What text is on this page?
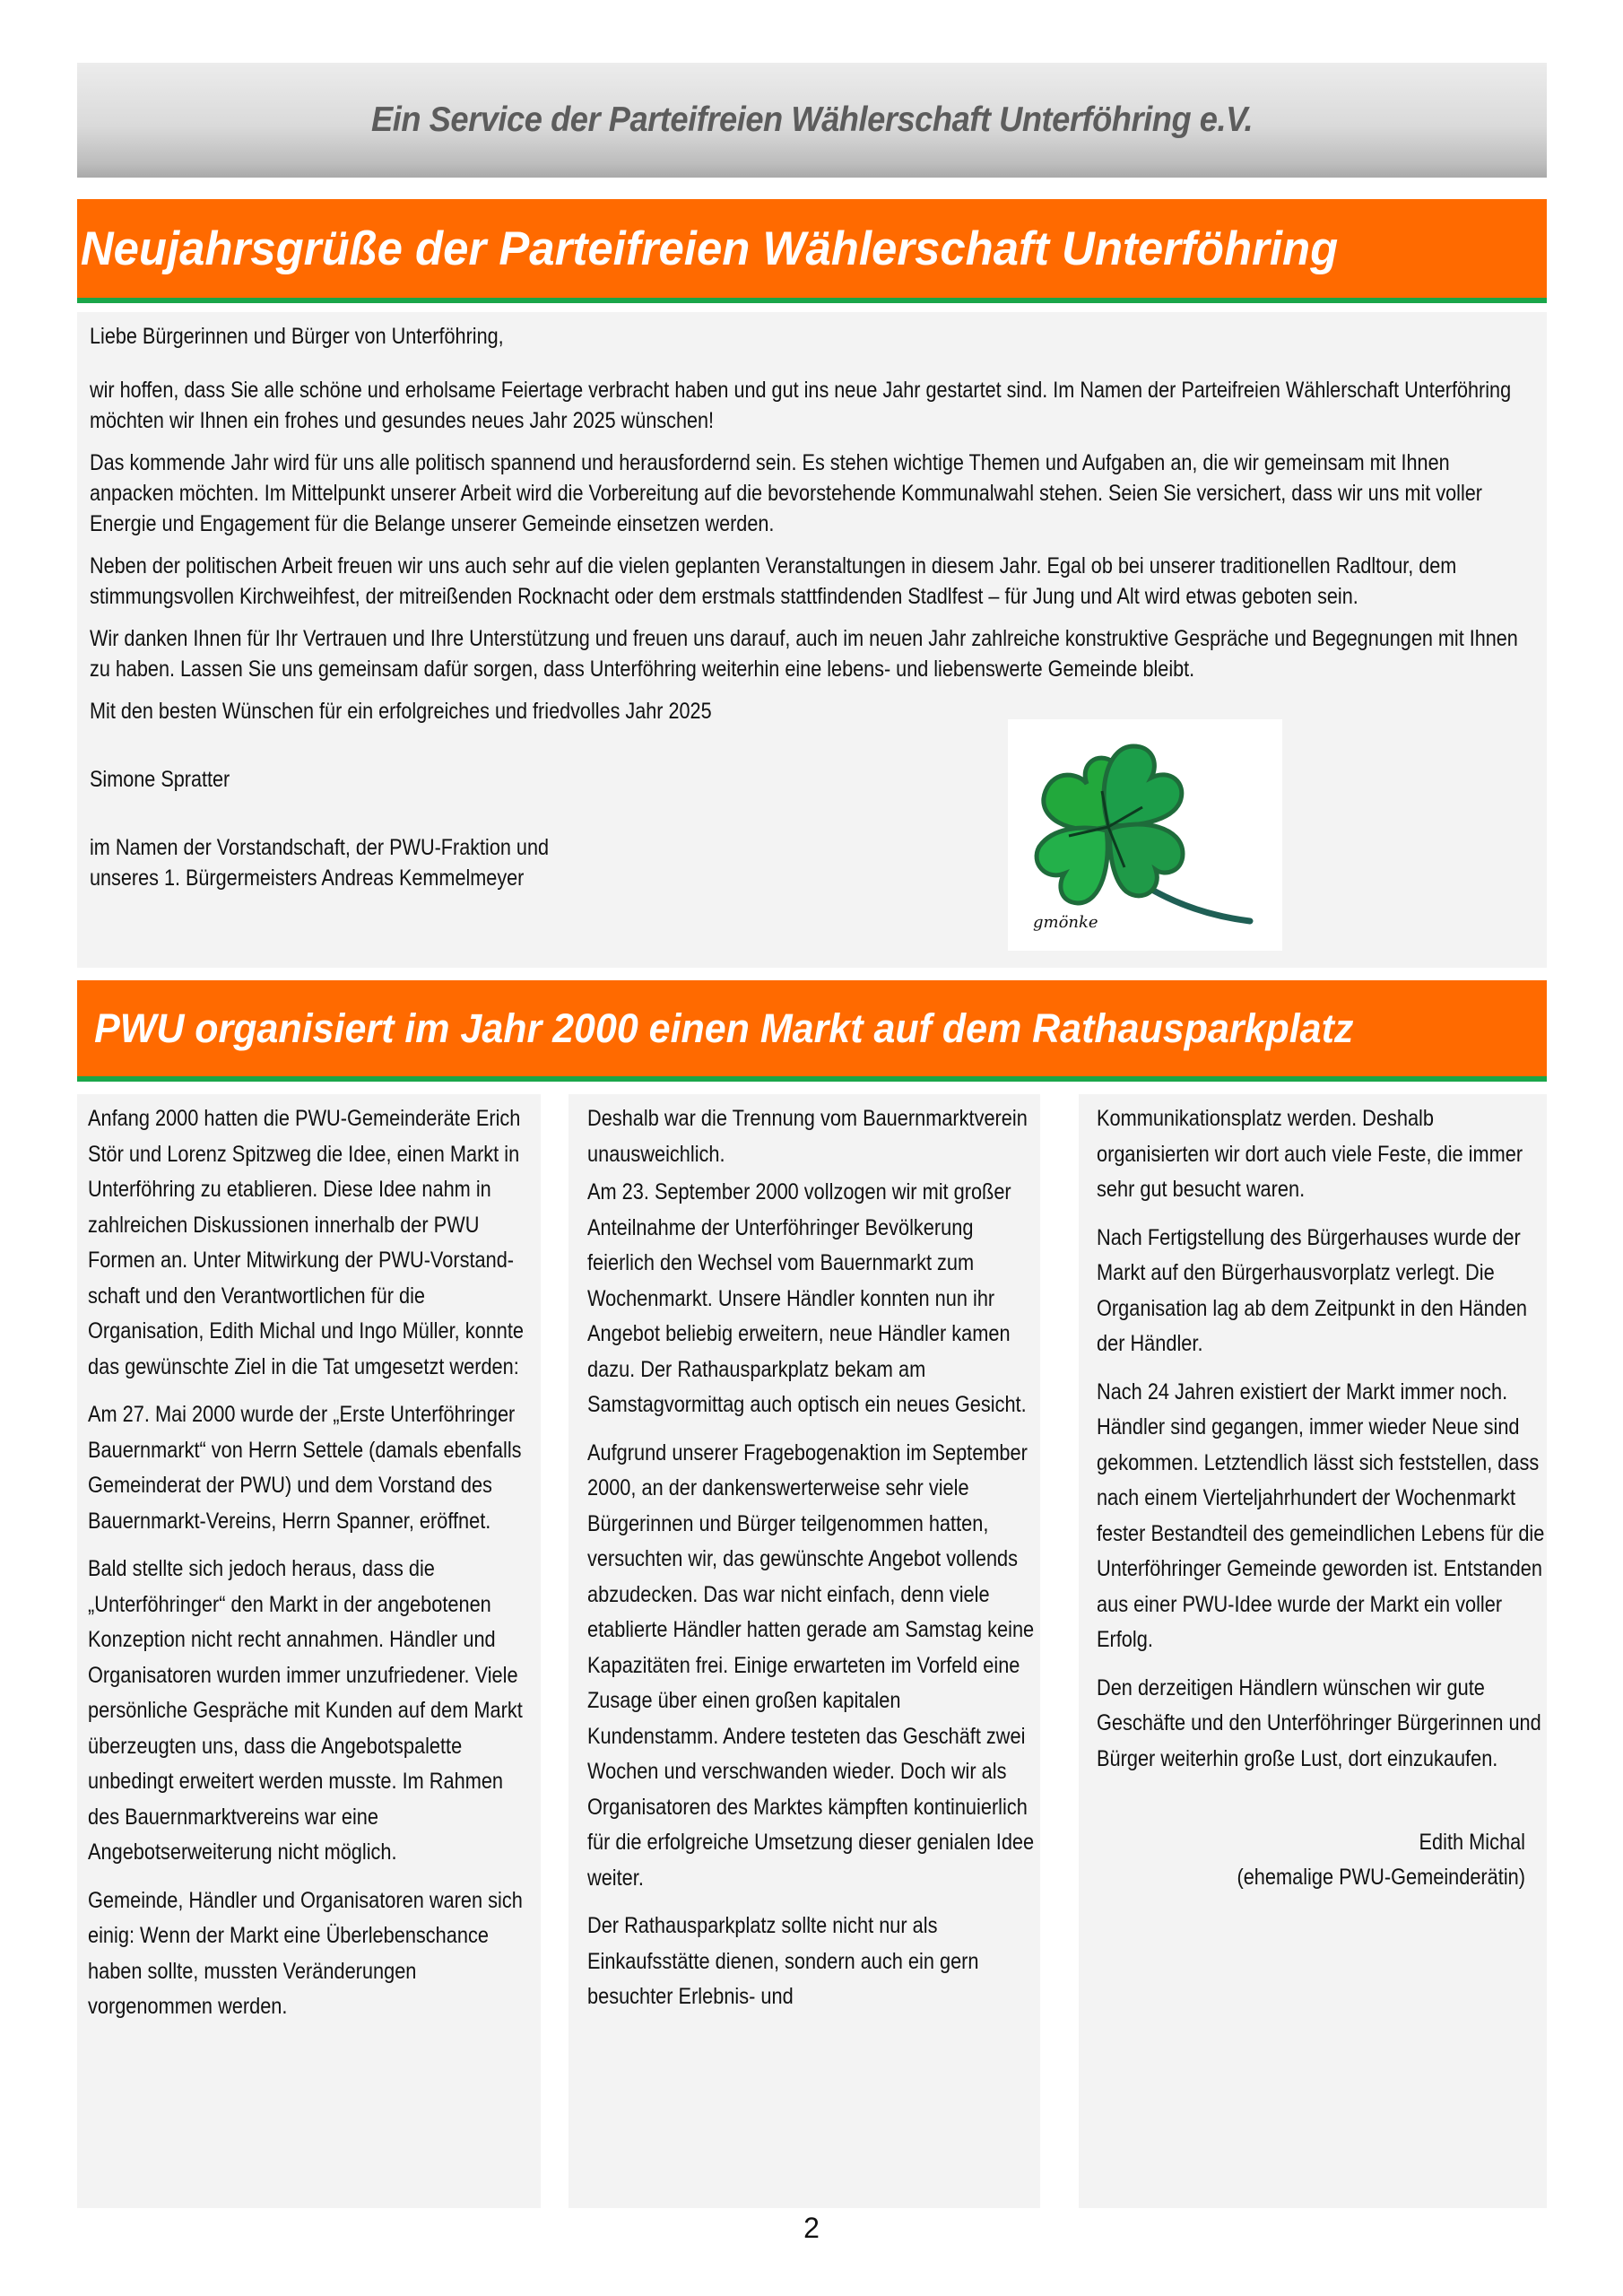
Ein Service der Parteifreien Wählerschaft Unterföhring e.V.
Neujahrsgrüße der Parteifreien Wählerschaft Unterföhring

Liebe Bürgerinnen und Bürger von Unterföhring,

wir hoffen, dass Sie alle schöne und erholsame Feiertage verbracht haben und gut ins neue Jahr gestartet sind. Im Namen der Parteifreien Wählerschaft Unterföhring möchten wir Ihnen ein frohes und gesundes neues Jahr 2025 wünschen!

Das kommende Jahr wird für uns alle politisch spannend und herausfordernd sein. Es stehen wichtige Themen und Aufgaben an, die wir gemeinsam mit Ihnen anpacken möchten. Im Mittelpunkt unserer Arbeit wird die Vorbereitung auf die bevorstehende Kommunalwahl stehen. Seien Sie versichert, dass wir uns mit voller Energie und Engagement für die Belange unserer Gemeinde einsetzen werden.

Neben der politischen Arbeit freuen wir uns auch sehr auf die vielen geplanten Veranstaltungen in diesem Jahr. Egal ob bei unserer traditionellen Radltour, dem stimmungsvollen Kirchweihfest, der mitreißenden Rocknacht oder dem erstmals stattfindenden Stadlfest – für Jung und Alt wird etwas geboten sein.

Wir danken Ihnen für Ihr Vertrauen und Ihre Unterstützung und freuen uns darauf, auch im neuen Jahr zahlreiche konstruktive Gespräche und Begegnungen mit Ihnen zu haben. Lassen Sie uns gemeinsam dafür sorgen, dass Unterföhring weiterhin eine lebens- und liebenswerte Gemeinde bleibt.

Mit den besten Wünschen für ein erfolgreiches und friedvolles Jahr 2025

Simone Spratter

im Namen der Vorstandschaft, der PWU-Fraktion und

unseres 1. Bürgermeisters Andreas Kemmelmeyer

gmönke
PWU organisiert im Jahr 2000 einen Markt auf dem Rathausparkplatz

Anfang 2000 hatten die PWU-Gemeinderäte Erich Stör und Lorenz Spitzweg die Idee, einen Markt in Unterföhring zu etablieren. Diese Idee nahm in zahlreichen Diskussionen innerhalb der PWU Formen an. Unter Mitwirkung der PWU-Vorstand-schaft und den Verantwortlichen für die Organisation, Edith Michal und Ingo Müller, konnte das gewünschte Ziel in die Tat umgesetzt werden:

Am 27. Mai 2000 wurde der „Erste Unterföhringer Bauernmarkt“ von Herrn Settele (damals ebenfalls Gemeinderat der PWU) und dem Vorstand des Bauernmarkt-Vereins, Herrn Spanner, eröffnet.

Bald stellte sich jedoch heraus, dass die „Unterföhringer“ den Markt in der angebotenen Konzeption nicht recht annahmen. Händler und Organisatoren wurden immer unzufriedener. Viele persönliche Gespräche mit Kunden auf dem Markt überzeugten uns, dass die Angebotspalette unbedingt erweitert werden musste. Im Rahmen des Bauernmarktvereins war eine Angebotserweiterung nicht möglich.

Gemeinde, Händler und Organisatoren waren sich einig: Wenn der Markt eine Überlebenschance haben sollte, mussten Veränderungen vorgenommen werden.

Deshalb war die Trennung vom Bauernmarktverein unausweichlich.

Am 23. September 2000 vollzogen wir mit großer Anteilnahme der Unterföhringer Bevölkerung feierlich den Wechsel vom Bauernmarkt zum Wochenmarkt. Unsere Händler konnten nun ihr Angebot beliebig erweitern, neue Händler kamen dazu. Der Rathausparkplatz bekam am Samstagvormittag auch optisch ein neues Gesicht.

Aufgrund unserer Fragebogenaktion im September 2000, an der dankenswerterweise sehr viele Bürgerinnen und Bürger teilgenommen hatten, versuchten wir, das gewünschte Angebot vollends abzudecken. Das war nicht einfach, denn viele etablierte Händler hatten gerade am Samstag keine Kapazitäten frei. Einige erwarteten im Vorfeld eine Zusage über einen großen kapitalen Kundenstamm. Andere testeten das Geschäft zwei Wochen und verschwanden wieder. Doch wir als Organisatoren des Marktes kämpften kontinuierlich für die erfolgreiche Umsetzung dieser genialen Idee weiter.

Der Rathausparkplatz sollte nicht nur als Einkaufsstätte dienen, sondern auch ein gern besuchter Erlebnis- und

Kommunikationsplatz werden. Deshalb organisierten wir dort auch viele Feste, die immer sehr gut besucht waren.

Nach Fertigstellung des Bürgerhauses wurde der Markt auf den Bürgerhausvorplatz verlegt. Die Organisation lag ab dem Zeitpunkt in den Händen der Händler.

Nach 24 Jahren existiert der Markt immer noch. Händler sind gegangen, immer wieder Neue sind gekommen. Letztendlich lässt sich feststellen, dass nach einem Vierteljahrhundert der Wochenmarkt fester Bestandteil des gemeindlichen Lebens für die Unterföhringer Gemeinde geworden ist. Entstanden aus einer PWU-Idee wurde der Markt ein voller Erfolg.

Den derzeitigen Händlern wünschen wir gute Geschäfte und den Unterföhringer Bürgerinnen und Bürger weiterhin große Lust, dort einzukaufen.

Edith Michal
(ehemalige PWU-Gemeinderätin)
2
